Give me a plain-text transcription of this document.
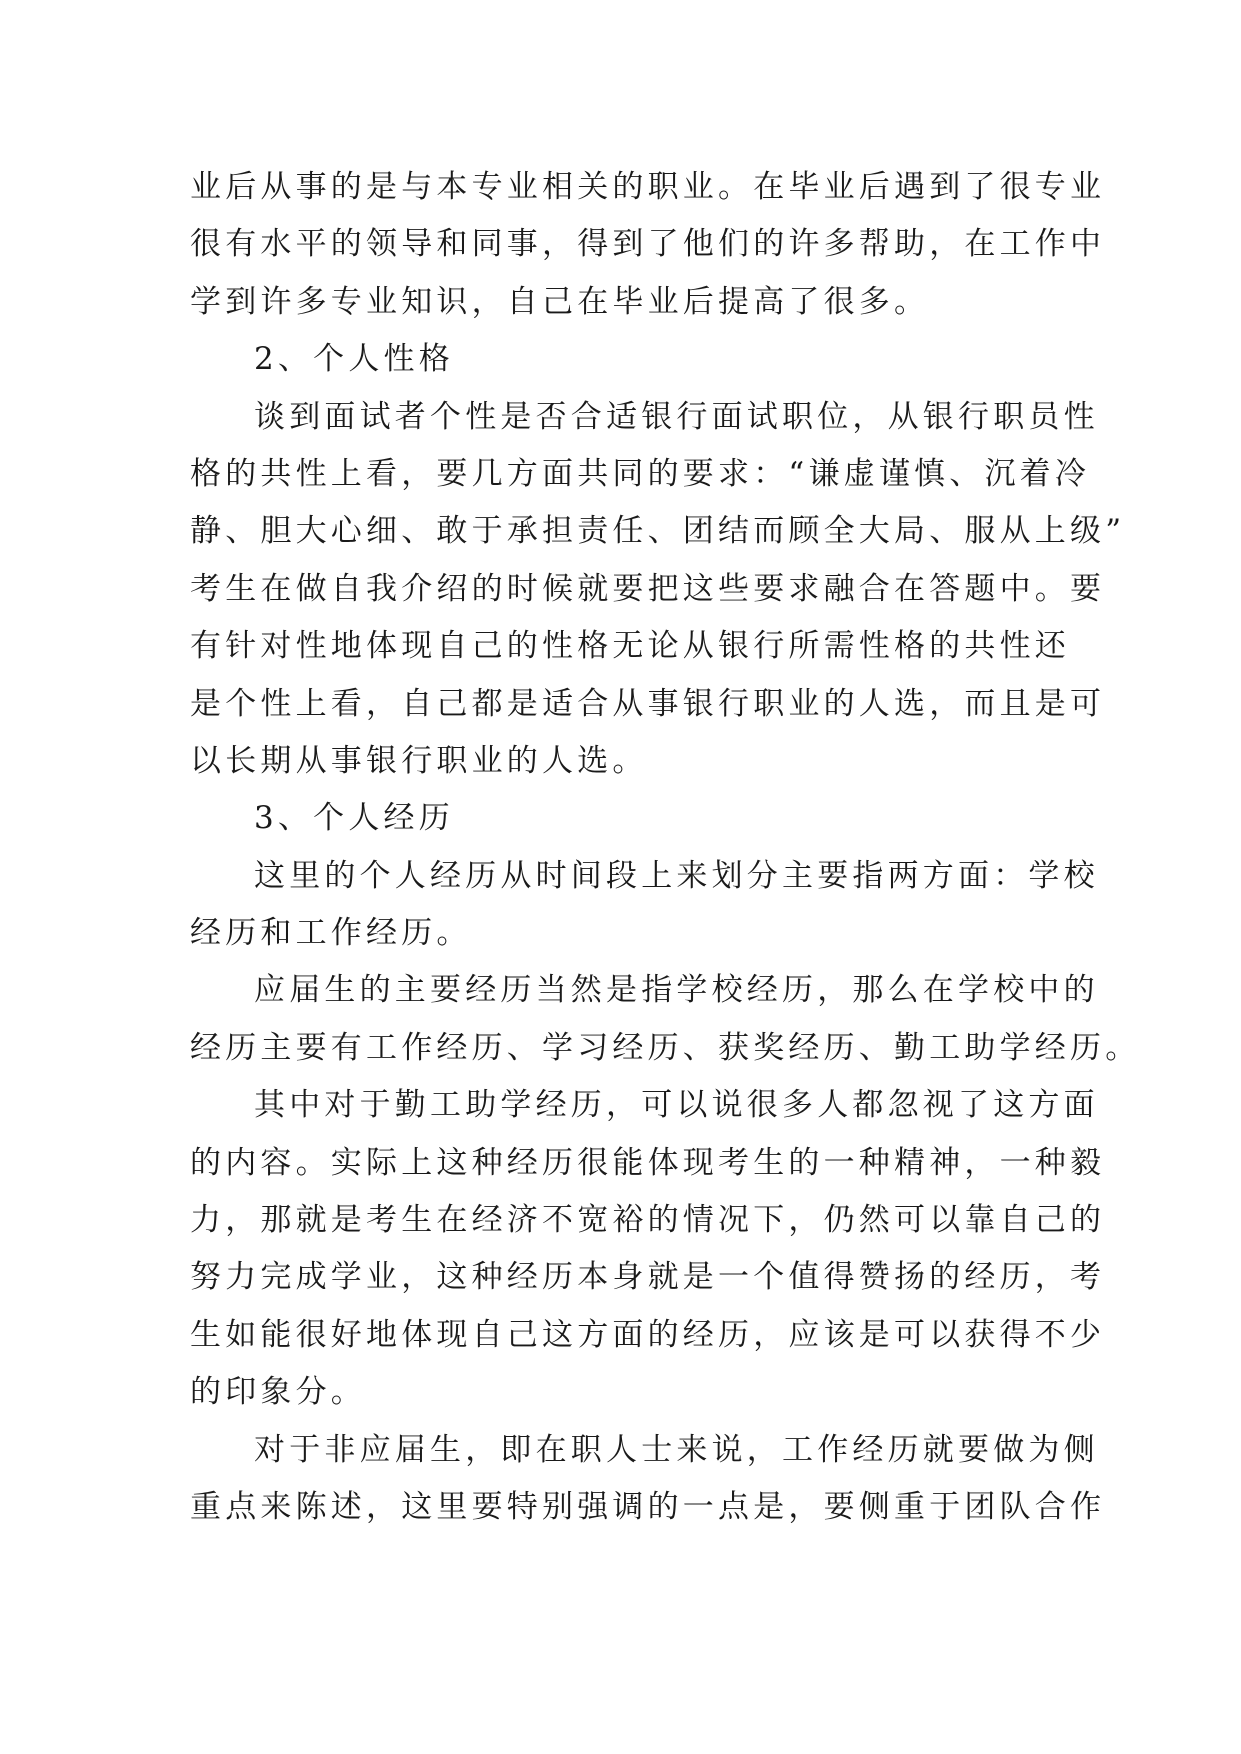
业后从事的是与本专业相关的职业。在毕业后遇到了很专业
很有水平的领导和同事，得到了他们的许多帮助，在工作中
学到许多专业知识，自己在毕业后提高了很多。
2、个人性格
谈到面试者个性是否合适银行面试职位，从银行职员性
格的共性上看，要几方面共同的要求：“谦虚谨慎、沉着冷
静、胆大心细、敢于承担责任、团结而顾全大局、服从上级”
考生在做自我介绍的时候就要把这些要求融合在答题中。要
有针对性地体现自己的性格无论从银行所需性格的共性还
是个性上看，自己都是适合从事银行职业的人选，而且是可
以长期从事银行职业的人选。
3、个人经历
这里的个人经历从时间段上来划分主要指两方面：学校
经历和工作经历。
应届生的主要经历当然是指学校经历，那么在学校中的
经历主要有工作经历、学习经历、获奖经历、勤工助学经历。
其中对于勤工助学经历，可以说很多人都忽视了这方面
的内容。实际上这种经历很能体现考生的一种精神，一种毅
力，那就是考生在经济不宽裕的情况下，仍然可以靠自己的
努力完成学业，这种经历本身就是一个值得赞扬的经历，考
生如能很好地体现自己这方面的经历，应该是可以获得不少
的印象分。
对于非应届生，即在职人士来说，工作经历就要做为侧
重点来陈述，这里要特别强调的一点是，要侧重于团队合作
